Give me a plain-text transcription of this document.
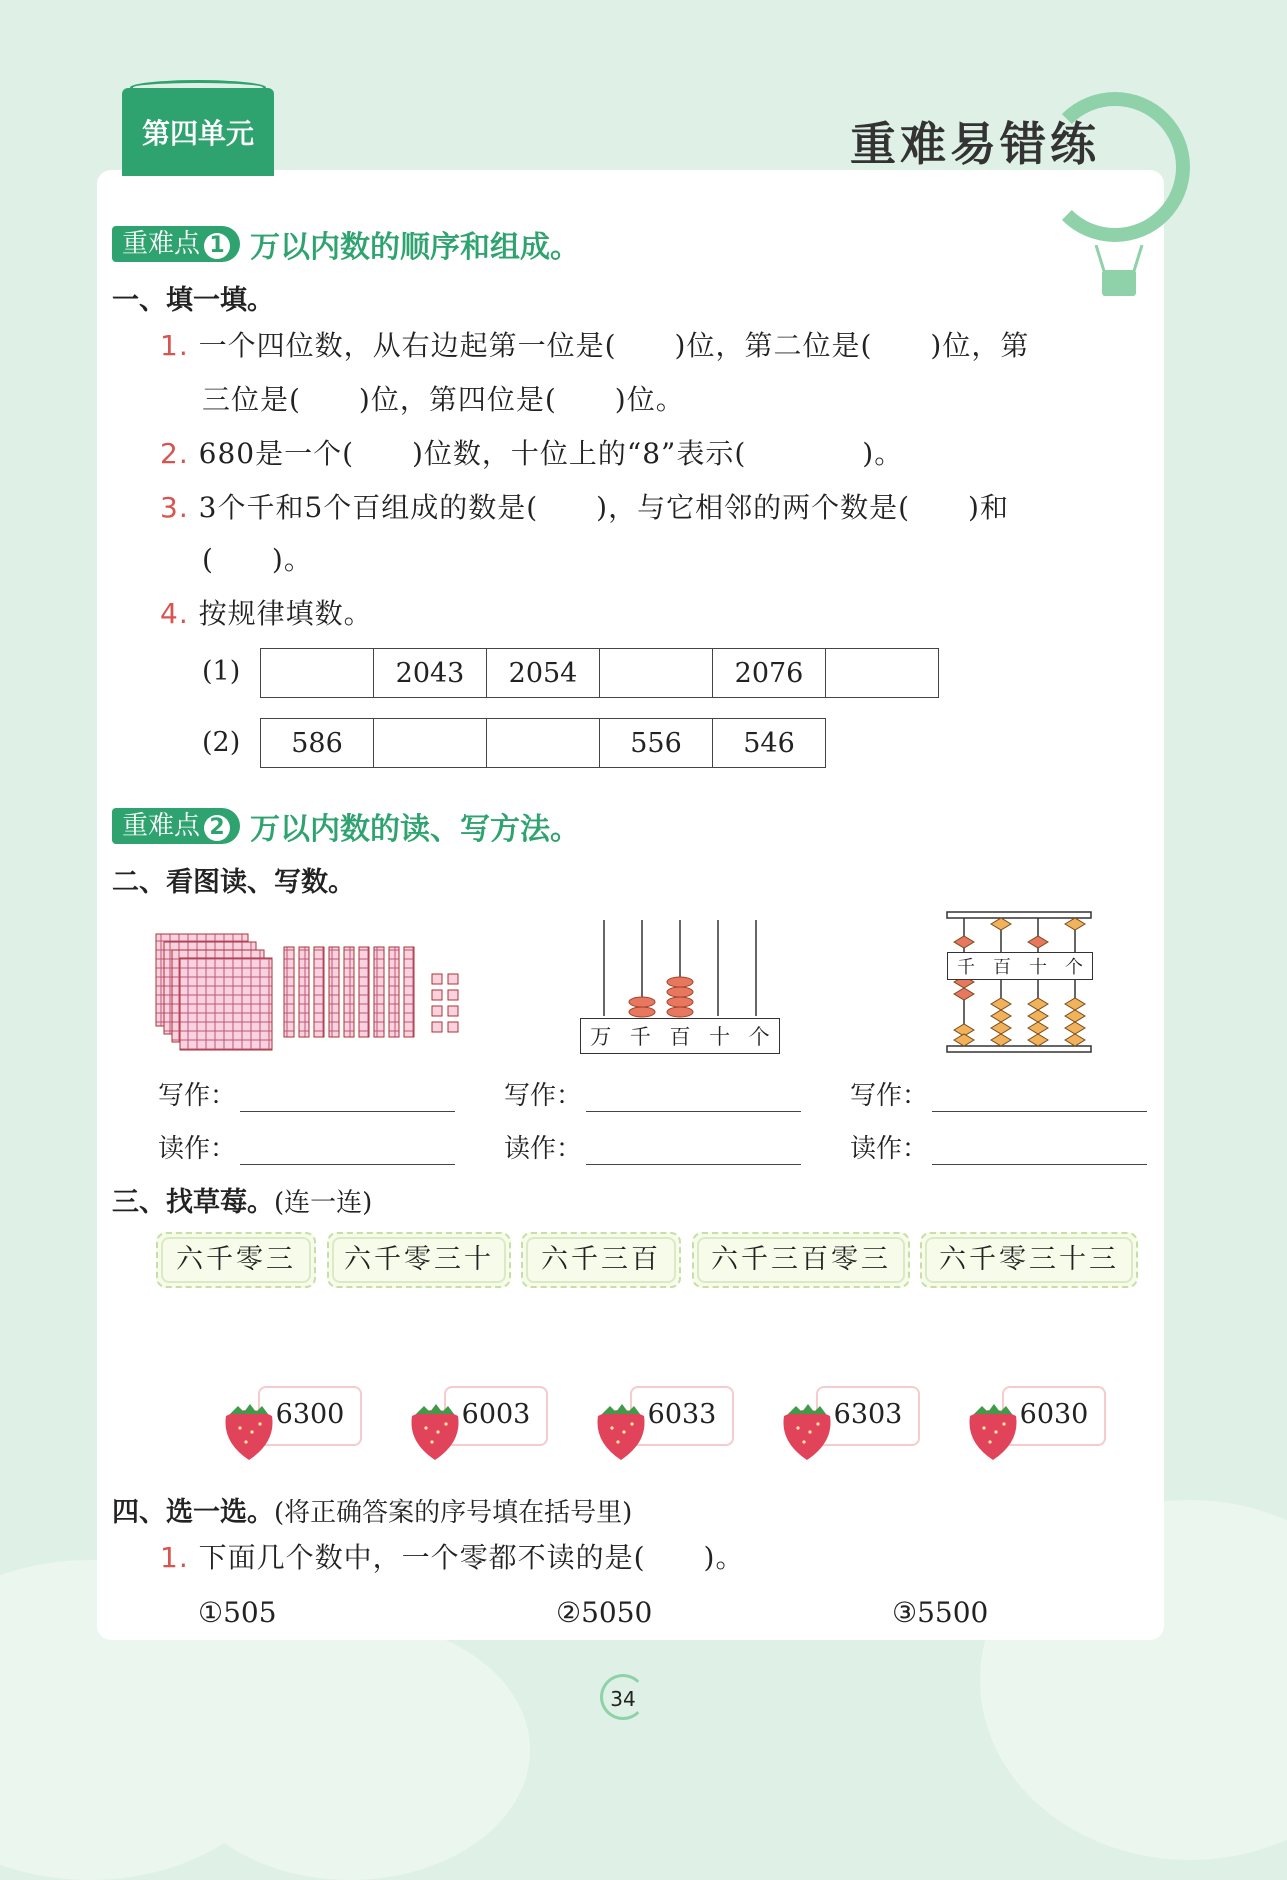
第四单元	重难易错练
重难点 1 万以内数的顺序和组成。
一、填一填。
1. 一个四位数，从右边起第一位是(　　)位，第二位是(　　)位，第
三位是(　　)位，第四位是(　　)位。
2. 680是一个(　　)位数，十位上的“8”表示(　　　　)。
3. 3个千和5个百组成的数是(　　)，与它相邻的两个数是(　　)和
(　　)。
4. 按规律填数。
(1)
		2043	2054		2076	
(2) 586			556	546
重难点 2 万以内数的读、写方法。
二、看图读、写数。
万 千 百 十 个
千 百 十 个
写作：
读作：
写作：
读作：
写作：
读作：
三、找草莓。(连一连)
六千零三	六千零三十	六千三百	六千三百零三	六千零三十三
6300	6003	6033	6303	6030
四、选一选。(将正确答案的序号填在括号里)
1. 下面几个数中，一个零都不读的是(　　)。
①505	②5050	③5500
34
